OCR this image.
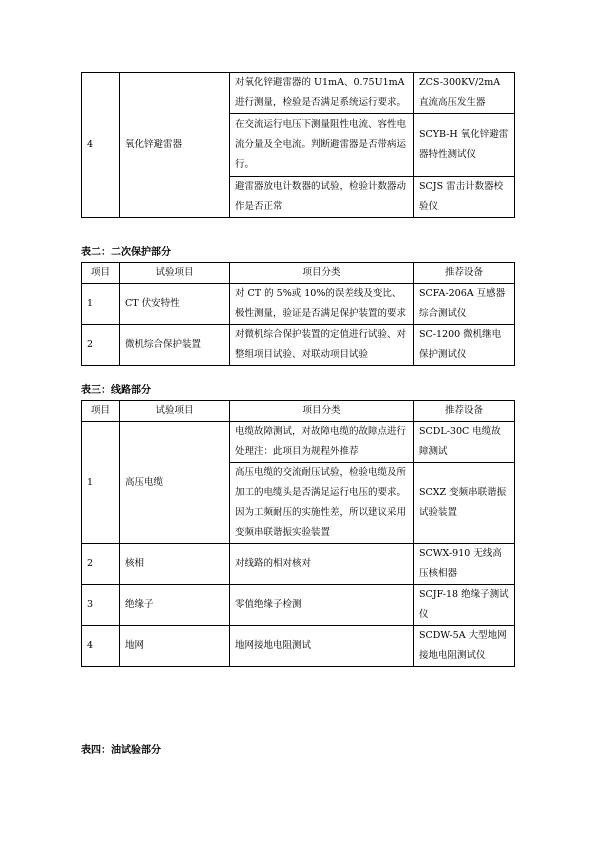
4	氧化锌避雷器	对氧化锌避雷器的 U1mA、0.75U1mA 进行测量，检验是否满足系统运行要求。	ZCS-300KV/2mA 直流高压发生器
		在交流运行电压下测量阻性电流、容性电流分量及全电流。判断避雷器是否带病运行。	SCYB-H 氧化锌避雷器特性测试仪
		避雷器放电计数器的试验，检验计数器动作是否正常	SCJS 雷击计数器校验仪
表二：二次保护部分
项目	试验项目	项目分类	推荐设备
1	CT 伏安特性	对 CT 的 5%或 10%的误差线及变比、极性测量，验证是否满足保护装置的要求	SCFA-206A 互感器综合测试仪
2	微机综合保护装置	对微机综合保护装置的定值进行试验、对整组项目试验、对联动项目试验	SC-1200 微机继电保护测试仪
表三：线路部分
项目	试验项目	项目分类	推荐设备
1	高压电缆	电缆故障测试，对故障电缆的故障点进行处理注：此项目为规程外推荐	SCDL-30C 电缆故障测试
		高压电缆的交流耐压试验，检验电缆及所加工的电缆头是否满足运行电压的要求。因为工频耐压的实施性差，所以建议采用变频串联谐振实验装置	SCXZ 变频串联谐振试验装置
2	核相	对线路的相对核对	SCWX-910 无线高压核相器
3	绝缘子	零值绝缘子检测	SCJF-18 绝缘子测试仪
4	地网	地网接地电阻测试	SCDW-5A 大型地网接地电阻测试仪
表四：油试验部分
